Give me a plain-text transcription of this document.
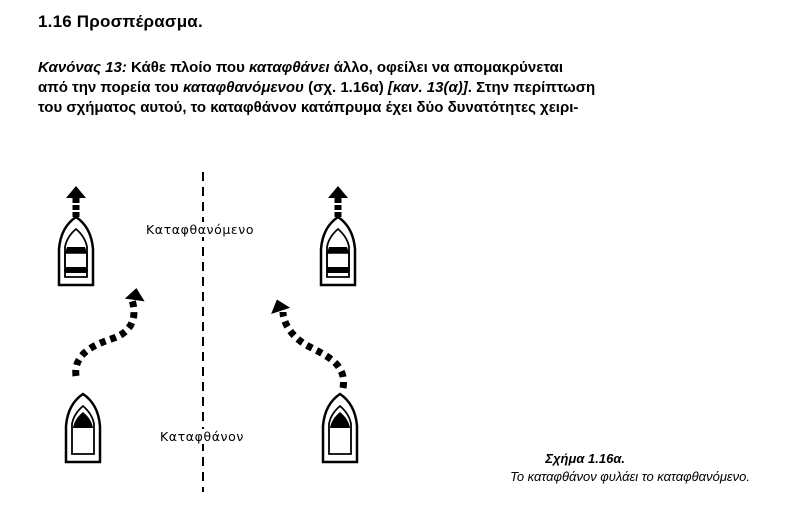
1.16 Προσπέρασμα.
Κανόνας 13: Κάθε πλοίο που καταφθάνει άλλο, οφείλει να απομακρύνεται
από την πορεία του καταφθανόμενου (σχ. 1.16α) [καν. 13(α)]. Στην περίπτωση
του σχήματος αυτού, το καταφθάνον κατάπρυμα έχει δύο δυνατότητες χειρι-
Καταφθανόμενο
Καταφθάνον
Σχήμα 1.16α.
Το καταφθάνον φυλάει το καταφθανόμενο.
